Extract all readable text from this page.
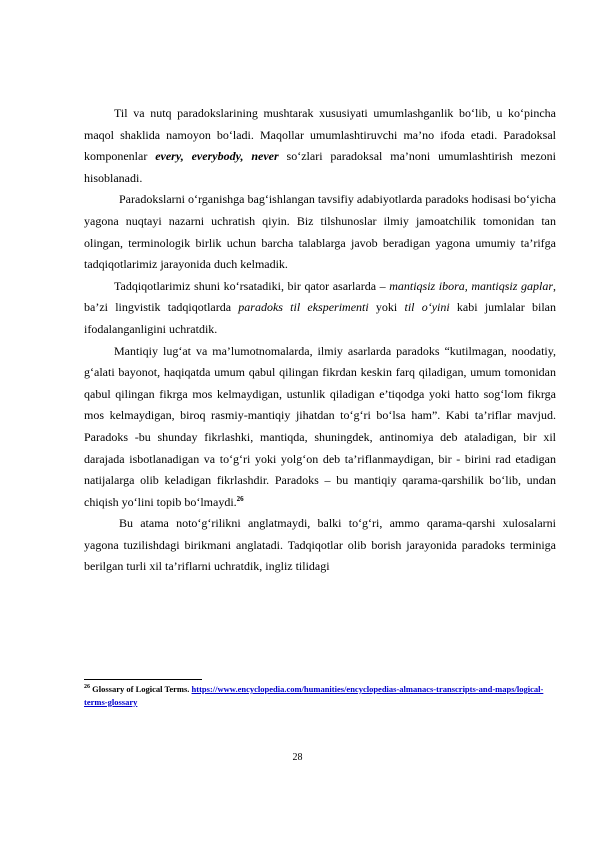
Til va nutq paradokslarining mushtarak xususiyati umumlashganlik bo‘lib, u ko‘pincha maqol shaklida namoyon bo‘ladi. Maqollar umumlashtiruvchi ma’no ifoda etadi. Paradoksal komponenlar every, everybody, never so‘zlari paradoksal ma’noni umumlashtirish mezoni hisoblanadi.

Paradokslarni o‘rganishga bag‘ishlangan tavsifiy adabiyotlarda paradoks hodisasi bo‘yicha yagona nuqtayi nazarni uchratish qiyin. Biz tilshunoslar ilmiy jamoatchilik tomonidan tan olingan, terminologik birlik uchun barcha talablarga javob beradigan yagona umumiy ta’rifga tadqiqotlarimiz jarayonida duch kelmadik.

Tadqiqotlarimiz shuni ko‘rsatadiki, bir qator asarlarda – mantiqsiz ibora, mantiqsiz gaplar, ba’zi lingvistik tadqiqotlarda paradoks til eksperimenti yoki til o‘yini kabi jumlalar bilan ifodalanganligini uchratdik.

Mantiqiy lug‘at va ma’lumotnomalarda, ilmiy asarlarda paradoks “kutilmagan, noodatiy, g‘alati bayonot, haqiqatda umum qabul qilingan fikrdan keskin farq qiladigan, umum tomonidan qabul qilingan fikrga mos kelmaydigan, ustunlik qiladigan e’tiqodga yoki hatto sog‘lom fikrga mos kelmaydigan, biroq rasmiy-mantiqiy jihatdan to‘g‘ri bo‘lsa ham”. Kabi ta’riflar mavjud. Paradoks -bu shunday fikrlashki, mantiqda, shuningdek, antinomiya deb ataladigan, bir xil darajada isbotlanadigan va to‘g‘ri yoki yolg‘on deb ta’riflanmaydigan, bir - birini rad etadigan natijalarga olib keladigan fikrlashdir. Paradoks – bu mantiqiy qarama-qarshilik bo‘lib, undan chiqish yo‘lini topib bo‘lmaydi.$^{26}$

Bu atama noto‘g‘rilikni anglatmaydi, balki to‘g‘ri, ammo qarama-qarshi xulosalarni yagona tuzilishdagi birikmani anglatadi. Tadqiqotlar olib borish jarayonida paradoks terminiga berilgan turli xil ta’riflarni uchratdik, ingliz tilidagi

$^{26}$ Glossary of Logical Terms. https://www.encyclopedia.com/humanities/encyclopedias-almanacs-transcripts-and-maps/logical-terms-glossary
28
